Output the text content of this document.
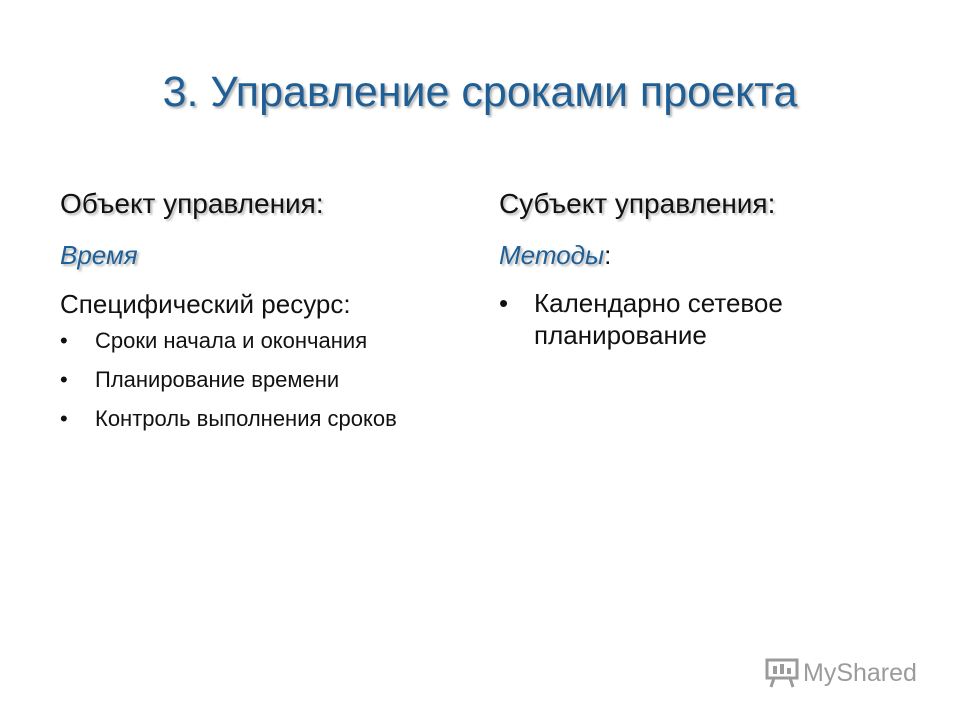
3. Управление сроками проекта
Объект управления:
Время
Специфический ресурс:
• Сроки начала и окончания
• Планирование времени
• Контроль выполнения сроков
Субъект управления:
Методы:
• Календарно сетевое планирование
MyShared
